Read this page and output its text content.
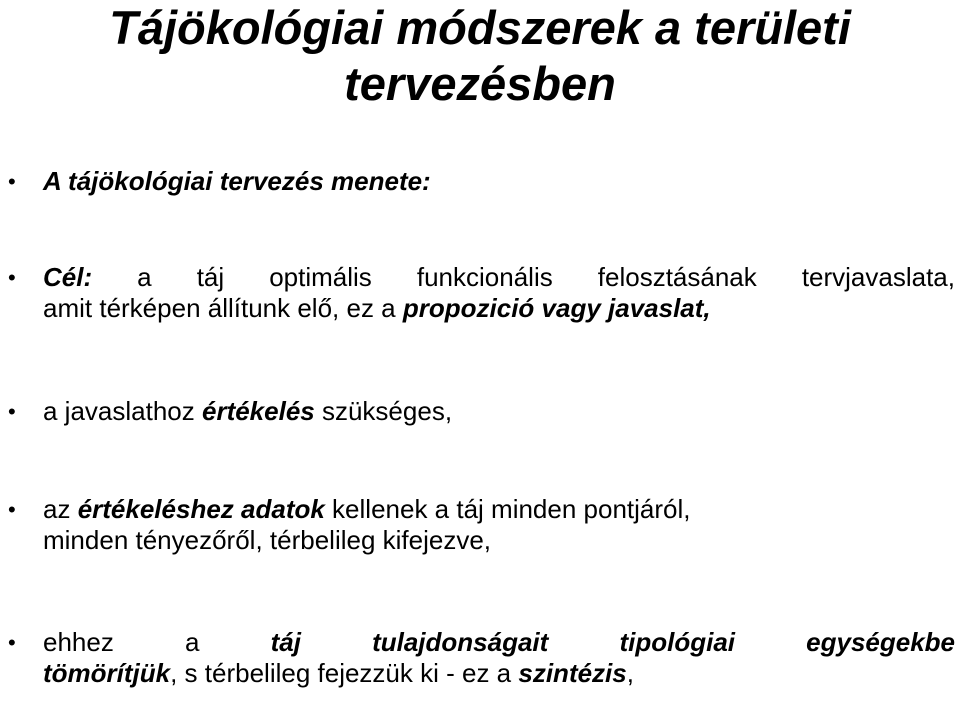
Tájökológiai módszerek a területi
tervezésben
• A tájökológiai tervezés menete:
• Cél: a táj optimális funkcionális felosztásának tervjavaslata,
amit térképen állítunk elő, ez a propozició vagy javaslat,
• a javaslathoz értékelés szükséges,
• az értékeléshez adatok kellenek a táj minden pontjáról,
minden tényezőről, térbelileg kifejezve,
• ehhez a táj tulajdonságait tipológiai egységekbe
tömörítjük, s térbelileg fejezzük ki - ez a szintézis,
